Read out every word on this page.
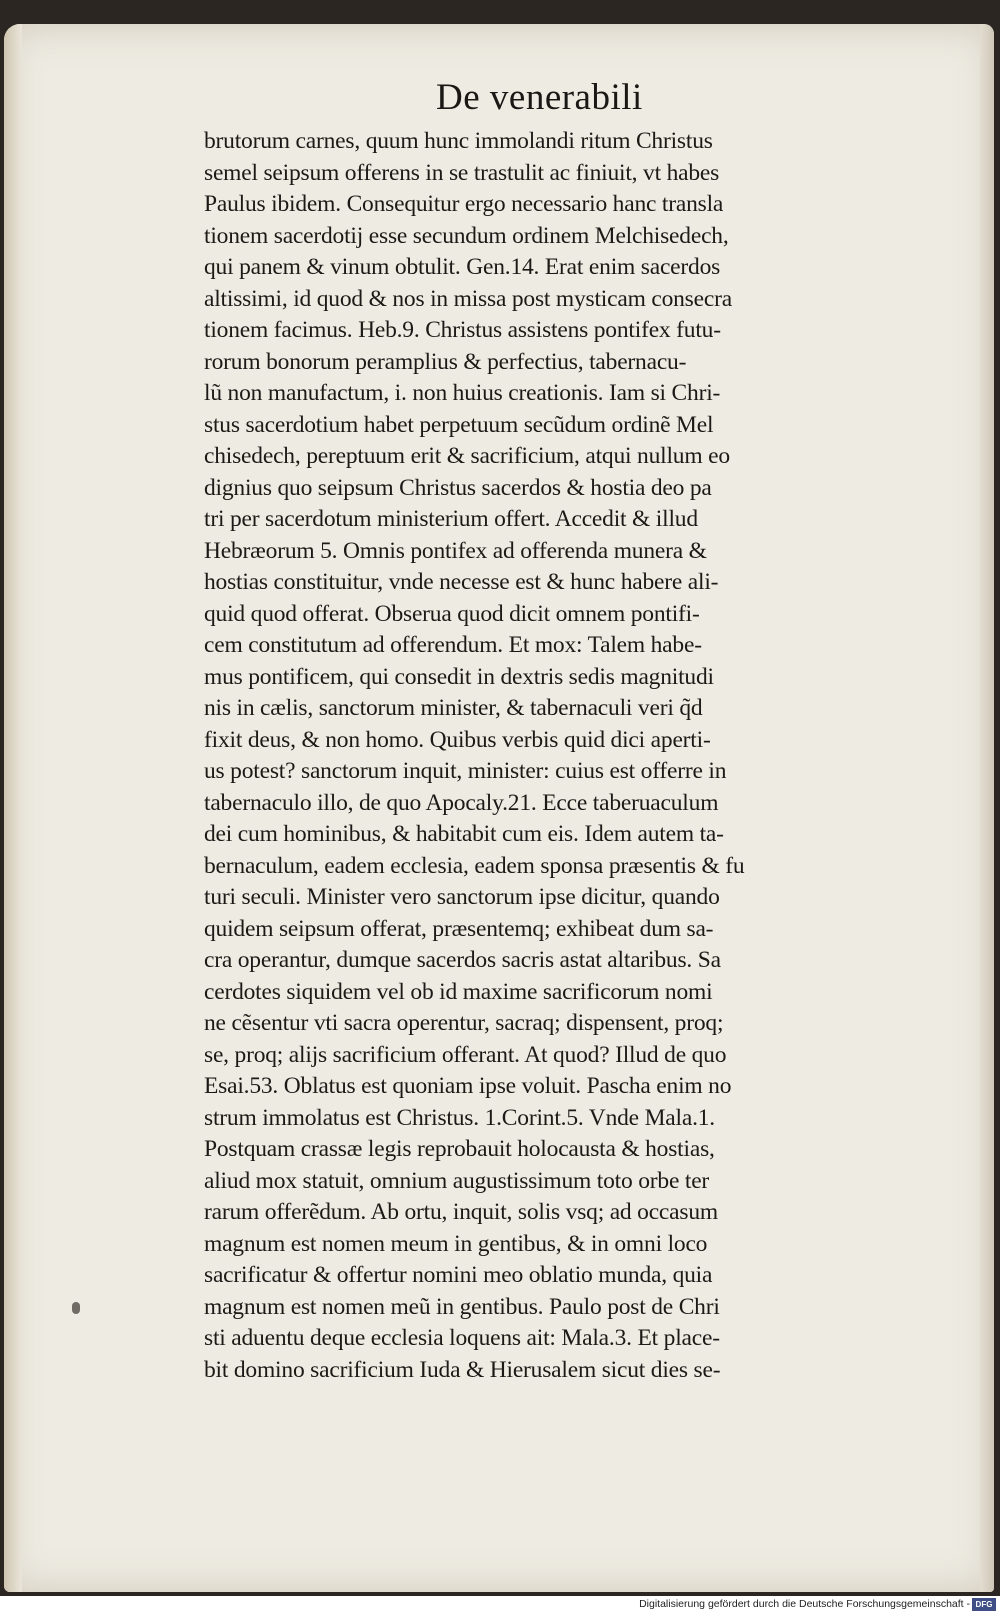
De venerabili
brutorum carnes, quum hunc immolandi ritum Christus
semel seipsum offerens in se trastulit ac finiuit, vt habes
Paulus ibidem. Consequitur ergo necessario hanc transla
tionem sacerdotij esse secundum ordinem Melchisedech,
qui panem & vinum obtulit. Gen.14. Erat enim sacerdos
altissimi, id quod & nos in missa post mysticam consecra
tionem facimus. Heb.9. Christus assistens pontifex futu-
rorum bonorum peramplius & perfectius, tabernacu-
lũ non manufactum, i. non huius creationis. Iam si Chri-
stus sacerdotium habet perpetuum secũdum ordinẽ Mel
chisedech, pereptuum erit & sacrificium, atqui nullum eo
dignius quo seipsum Christus sacerdos & hostia deo pa
tri per sacerdotum ministerium offert. Accedit & illud
Hebræorum 5. Omnis pontifex ad offerenda munera &
hostias constituitur, vnde necesse est & hunc habere ali-
quid quod offerat. Obserua quod dicit omnem pontifi-
cem constitutum ad offerendum. Et mox: Talem habe-
mus pontificem, qui consedit in dextris sedis magnitudi
nis in cælis, sanctorum minister, & tabernaculi veri q̃d
fixit deus, & non homo. Quibus verbis quid dici aperti-
us potest? sanctorum inquit, minister: cuius est offerre in
tabernaculo illo, de quo Apocaly.21. Ecce taberuaculum
dei cum hominibus, & habitabit cum eis. Idem autem ta-
bernaculum, eadem ecclesia, eadem sponsa præsentis & fu
turi seculi. Minister vero sanctorum ipse dicitur, quando
quidem seipsum offerat, præsentemq; exhibeat dum sa-
cra operantur, dumque sacerdos sacris astat altaribus. Sa
cerdotes siquidem vel ob id maxime sacrificorum nomi
ne cẽsentur vti sacra operentur, sacraq; dispensent, proq;
se, proq; alijs sacrificium offerant. At quod? Illud de quo
Esai.53. Oblatus est quoniam ipse voluit. Pascha enim no
strum immolatus est Christus. 1.Corint.5. Vnde Mala.1.
Postquam crassæ legis reprobauit holocausta & hostias,
aliud mox statuit, omnium augustissimum toto orbe ter
rarum offerẽdum. Ab ortu, inquit, solis vsq; ad occasum
magnum est nomen meum in gentibus, & in omni loco
sacrificatur & offertur nomini meo oblatio munda, quia
magnum est nomen meũ in gentibus. Paulo post de Chri
sti aduentu deque ecclesia loquens ait: Mala.3. Et place-
bit domino sacrificium Iuda & Hierusalem sicut dies se-
Digitalisierung gefördert durch die Deutsche Forschungsgemeinschaft - DFG
